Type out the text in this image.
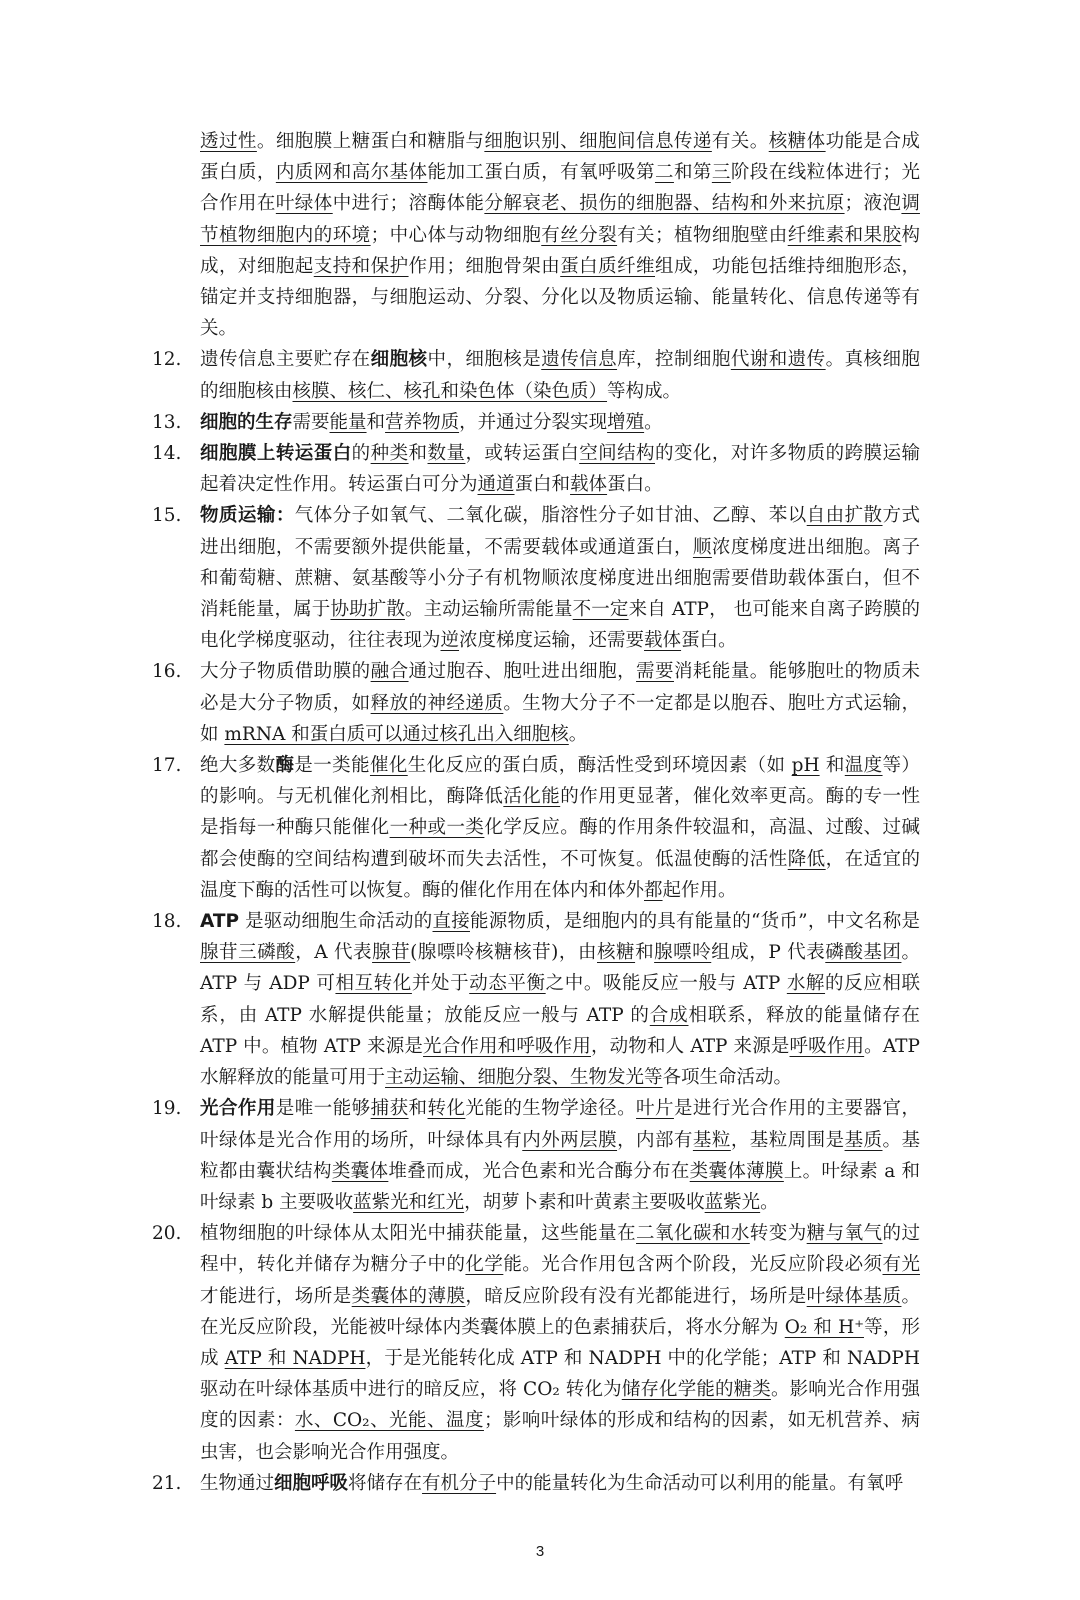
透过性。细胞膜上糖蛋白和糖脂与细胞识别、细胞间信息传递有关。核糖体功能是合成蛋白质，内质网和高尔基体能加工蛋白质，有氧呼吸第二和第三阶段在线粒体进行；光合作用在叶绿体中进行；溶酶体能分解衰老、损伤的细胞器、结构和外来抗原；液泡调节植物细胞内的环境；中心体与动物细胞有丝分裂有关；植物细胞壁由纤维素和果胶构成，对细胞起支持和保护作用；细胞骨架由蛋白质纤维组成，功能包括维持细胞形态，锚定并支持细胞器，与细胞运动、分裂、分化以及物质运输、能量转化、信息传递等有关。
12.	遗传信息主要贮存在细胞核中，细胞核是遗传信息库，控制细胞代谢和遗传。真核细胞的细胞核由核膜、核仁、核孔和染色体（染色质）等构成。
13.	细胞的生存需要能量和营养物质，并通过分裂实现增殖。
14.	细胞膜上转运蛋白的种类和数量，或转运蛋白空间结构的变化，对许多物质的跨膜运输起着决定性作用。转运蛋白可分为通道蛋白和载体蛋白。
15.	物质运输：气体分子如氧气、二氧化碳，脂溶性分子如甘油、乙醇、苯以自由扩散方式进出细胞，不需要额外提供能量，不需要载体或通道蛋白，顺浓度梯度进出细胞。离子和葡萄糖、蔗糖、氨基酸等小分子有机物顺浓度梯度进出细胞需要借助载体蛋白，但不消耗能量，属于协助扩散。主动运输所需能量不一定来自 ATP， 也可能来自离子跨膜的电化学梯度驱动，往往表现为逆浓度梯度运输，还需要载体蛋白。
16.	大分子物质借助膜的融合通过胞吞、胞吐进出细胞，需要消耗能量。能够胞吐的物质未必是大分子物质，如释放的神经递质。生物大分子不一定都是以胞吞、胞吐方式运输，如 mRNA 和蛋白质可以通过核孔出入细胞核。
17.	绝大多数酶是一类能催化生化反应的蛋白质，酶活性受到环境因素（如 pH 和温度等）的影响。与无机催化剂相比，酶降低活化能的作用更显著，催化效率更高。酶的专一性是指每一种酶只能催化一种或一类化学反应。酶的作用条件较温和，高温、过酸、过碱都会使酶的空间结构遭到破坏而失去活性，不可恢复。低温使酶的活性降低，在适宜的温度下酶的活性可以恢复。酶的催化作用在体内和体外都起作用。
18.	ATP 是驱动细胞生命活动的直接能源物质，是细胞内的具有能量的“货币”，中文名称是腺苷三磷酸，A 代表腺苷(腺嘌呤核糖核苷)，由核糖和腺嘌呤组成，P 代表磷酸基团。ATP 与 ADP 可相互转化并处于动态平衡之中。吸能反应一般与 ATP 水解的反应相联系，由 ATP 水解提供能量；放能反应一般与 ATP 的合成相联系，释放的能量储存在 ATP 中。植物 ATP 来源是光合作用和呼吸作用，动物和人 ATP 来源是呼吸作用。ATP 水解释放的能量可用于主动运输、细胞分裂、生物发光等各项生命活动。
19.	光合作用是唯一能够捕获和转化光能的生物学途径。叶片是进行光合作用的主要器官，叶绿体是光合作用的场所，叶绿体具有内外两层膜，内部有基粒，基粒周围是基质。基粒都由囊状结构类囊体堆叠而成，光合色素和光合酶分布在类囊体薄膜上。叶绿素 a 和叶绿素 b 主要吸收蓝紫光和红光，胡萝卜素和叶黄素主要吸收蓝紫光。
20.	植物细胞的叶绿体从太阳光中捕获能量，这些能量在二氧化碳和水转变为糖与氧气的过程中，转化并储存为糖分子中的化学能。光合作用包含两个阶段，光反应阶段必须有光才能进行，场所是类囊体的薄膜，暗反应阶段有没有光都能进行，场所是叶绿体基质。在光反应阶段，光能被叶绿体内类囊体膜上的色素捕获后，将水分解为 O₂ 和 H⁺等，形成 ATP 和 NADPH，于是光能转化成 ATP 和 NADPH 中的化学能；ATP 和 NADPH 驱动在叶绿体基质中进行的暗反应，将 CO₂ 转化为储存化学能的糖类。影响光合作用强度的因素：水、CO₂、光能、温度；影响叶绿体的形成和结构的因素，如无机营养、病虫害，也会影响光合作用强度。
21.	生物通过细胞呼吸将储存在有机分子中的能量转化为生命活动可以利用的能量。有氧呼
3
